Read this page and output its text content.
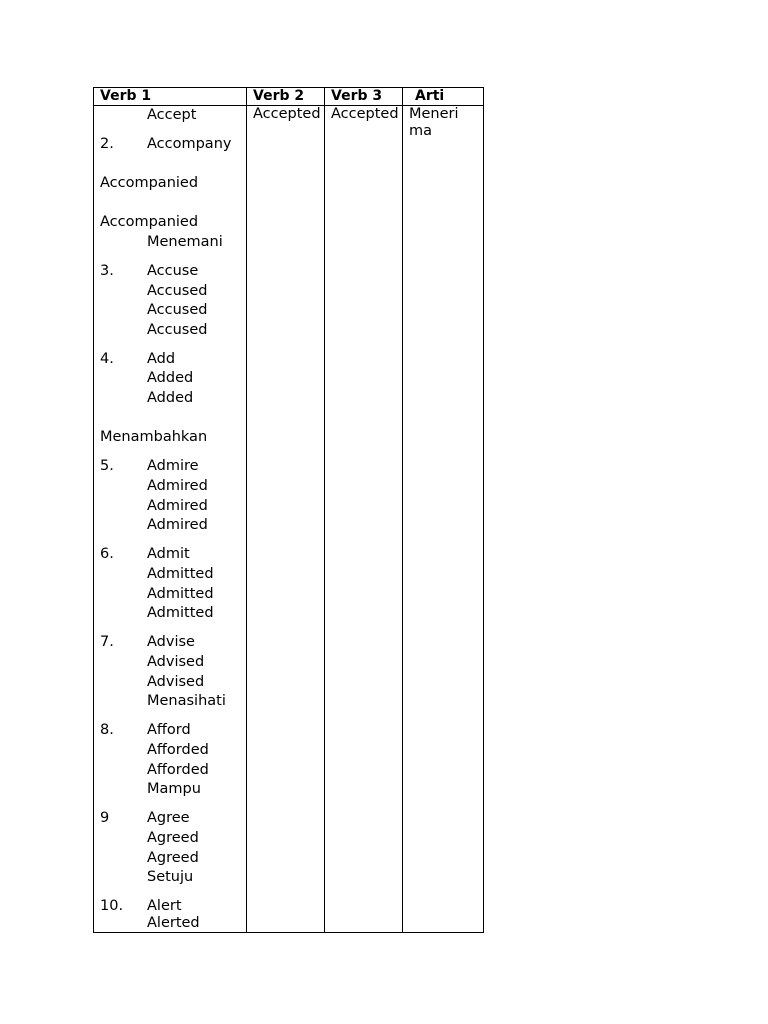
Verb 1	Verb 2 Verb 3 Arti
Accepted Accepted Menerima
Accept
2. Accompany
Accompanied
Accompanied
Menemani
3. Accuse
Accused
Accused
Accused
4. Add
Added
Added
Menambahkan
5. Admire
Admired
Admired
Admired
6. Admit
Admitted
Admitted
Admitted
7. Advise
Advised
Advised
Menasihati
8. Afford
Afforded
Afforded
Mampu
9	Agree
Agreed
Agreed
Setuju
10. Alert
Alerted
